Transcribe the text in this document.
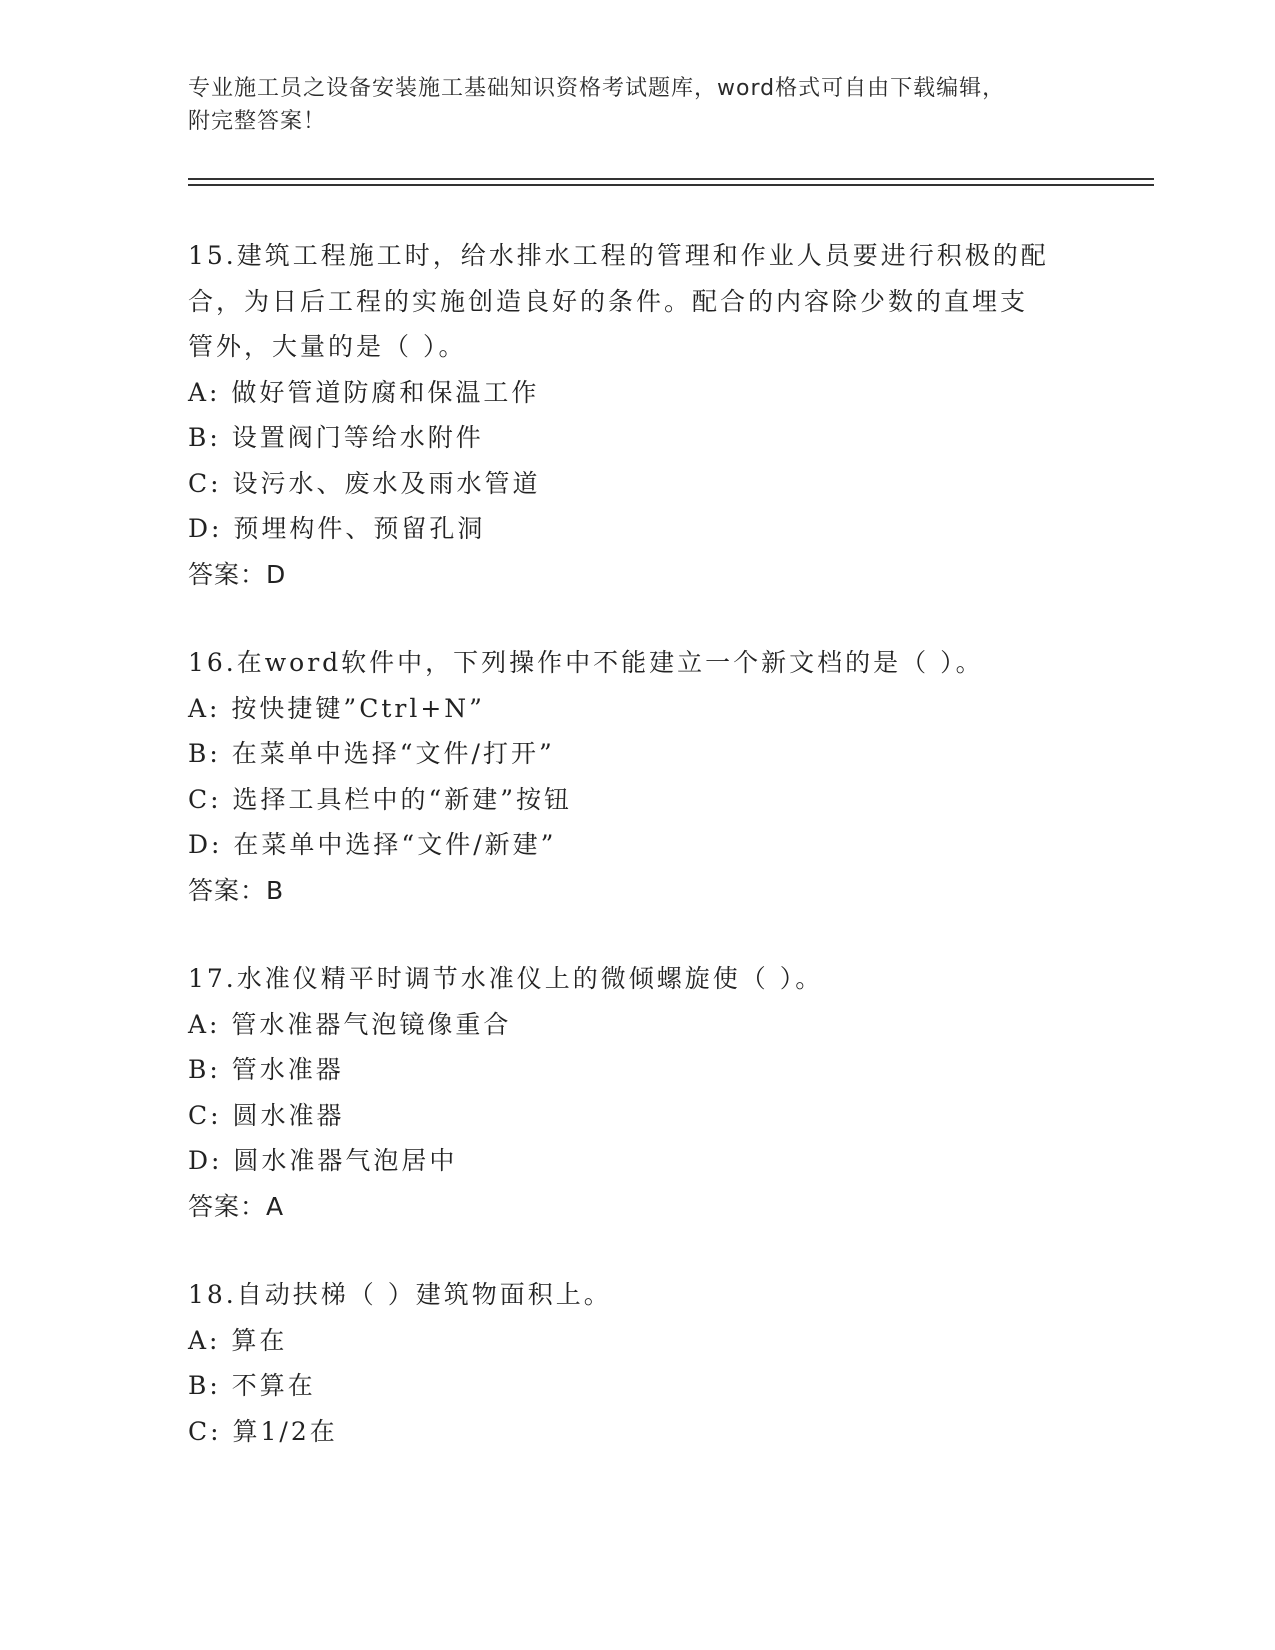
专业施工员之设备安装施工基础知识资格考试题库，word格式可自由下载编辑，
附完整答案！

15.建筑工程施工时，给水排水工程的管理和作业人员要进行积极的配

合，为日后工程的实施创造良好的条件。配合的内容除少数的直埋支

管外，大量的是（ ）。

A: 做好管道防腐和保温工作

B: 设置阀门等给水附件

C: 设污水、废水及雨水管道

D: 预埋构件、预留孔洞

答案：D

16.在word软件中，下列操作中不能建立一个新文档的是（ ）。

A: 按快捷键”Ctrl+N”

B: 在菜单中选择“文件/打开”

C: 选择工具栏中的“新建”按钮

D: 在菜单中选择“文件/新建”

答案：B

17.水准仪精平时调节水准仪上的微倾螺旋使（ ）。

A: 管水准器气泡镜像重合

B: 管水准器

C: 圆水准器

D: 圆水准器气泡居中

答案：A

18.自动扶梯（ ）建筑物面积上。

A: 算在

B: 不算在

C: 算1/2在
